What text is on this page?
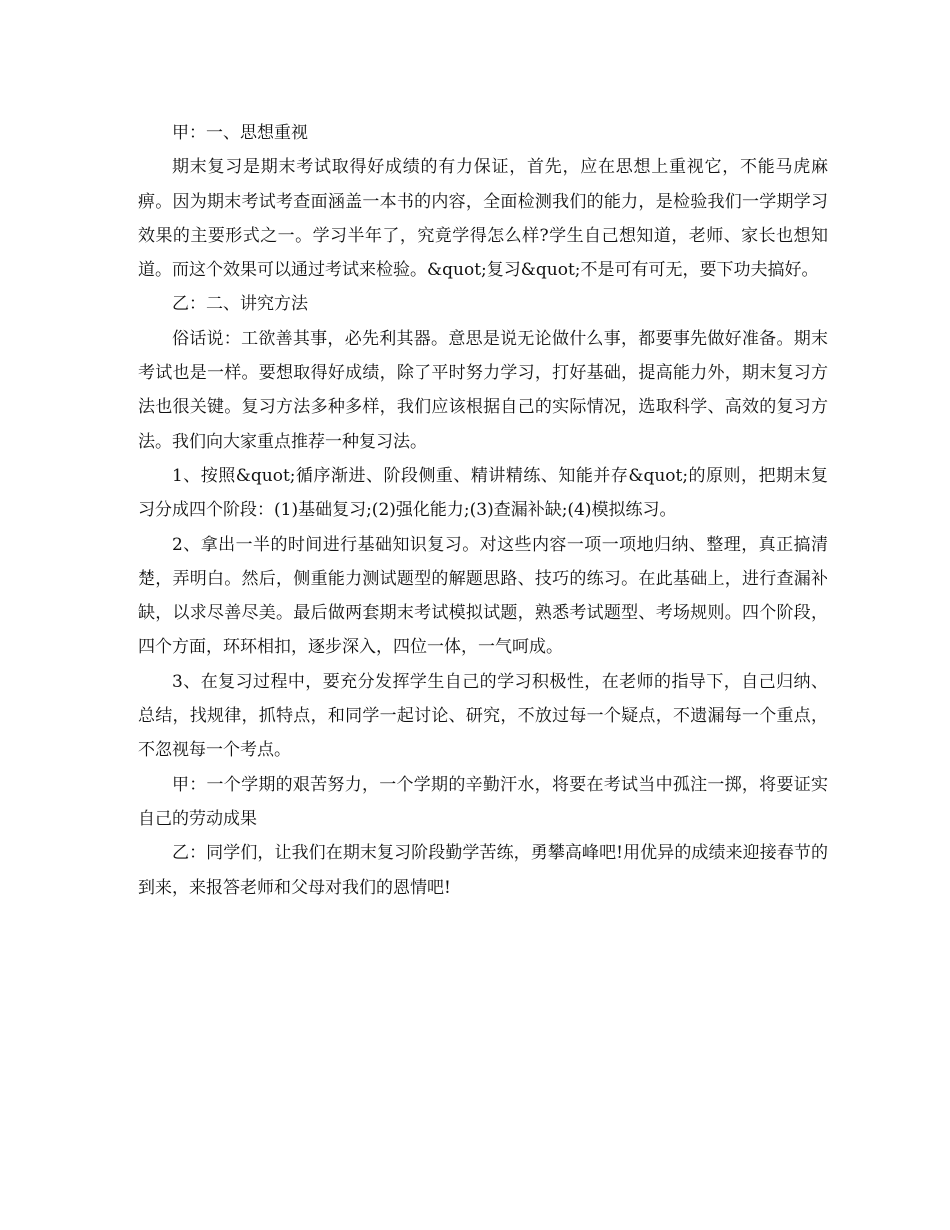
甲：一、思想重视

期末复习是期末考试取得好成绩的有力保证，首先，应在思想上重视它，不能马虎麻痹。因为期末考试考查面涵盖一本书的内容，全面检测我们的能力，是检验我们一学期学习效果的主要形式之一。学习半年了，究竟学得怎么样?学生自己想知道，老师、家长也想知道。而这个效果可以通过考试来检验。&quot;复习&quot;不是可有可无，要下功夫搞好。

乙：二、讲究方法

俗话说：工欲善其事，必先利其器。意思是说无论做什么事，都要事先做好准备。期末考试也是一样。要想取得好成绩，除了平时努力学习，打好基础，提高能力外，期末复习方法也很关键。复习方法多种多样，我们应该根据自己的实际情况，选取科学、高效的复习方法。我们向大家重点推荐一种复习法。

1、按照&quot;循序渐进、阶段侧重、精讲精练、知能并存&quot;的原则，把期末复习分成四个阶段：(1)基础复习;(2)强化能力;(3)查漏补缺;(4)模拟练习。

2、拿出一半的时间进行基础知识复习。对这些内容一项一项地归纳、整理，真正搞清楚，弄明白。然后，侧重能力测试题型的解题思路、技巧的练习。在此基础上，进行查漏补缺，以求尽善尽美。最后做两套期末考试模拟试题，熟悉考试题型、考场规则。四个阶段，四个方面，环环相扣，逐步深入，四位一体，一气呵成。

3、在复习过程中，要充分发挥学生自己的学习积极性，在老师的指导下，自己归纳、总结，找规律，抓特点，和同学一起讨论、研究，不放过每一个疑点，不遗漏每一个重点，不忽视每一个考点。

甲：一个学期的艰苦努力，一个学期的辛勤汗水，将要在考试当中孤注一掷，将要证实自己的劳动成果

乙：同学们，让我们在期末复习阶段勤学苦练，勇攀高峰吧!用优异的成绩来迎接春节的到来，来报答老师和父母对我们的恩情吧!
